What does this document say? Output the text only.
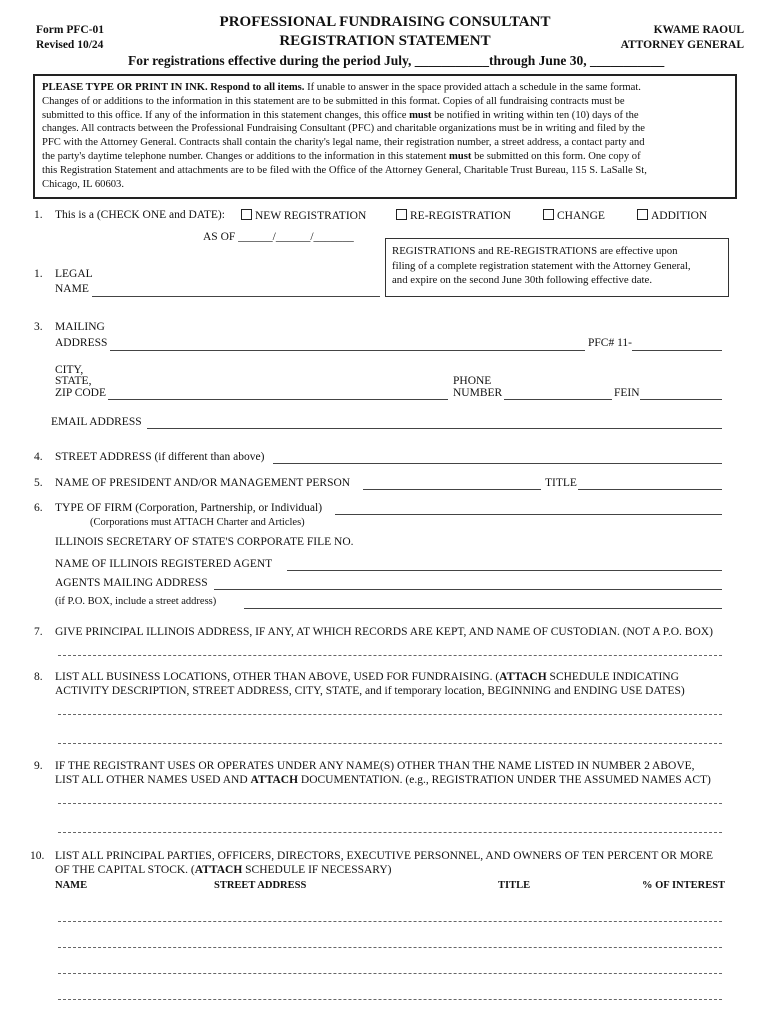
Form PFC-01
Revised 10/24
PROFESSIONAL FUNDRAISING CONSULTANT
REGISTRATION STATEMENT
For registrations effective during the period July, ___________through June 30, ___________
KWAME RAOUL
ATTORNEY GENERAL
PLEASE TYPE OR PRINT IN INK. Respond to all items. If unable to answer in the space provided attach a schedule in the same format.
Changes of or additions to the information in this statement are to be submitted in this format. Copies of all fundraising contracts must be
submitted to this office. If any of the information in this statement changes, this office must be notified in writing within ten (10) days of the
changes. All contracts between the Professional Fundraising Consultant (PFC) and charitable organizations must be in writing and filed by the
PFC with the Attorney General. Contracts shall contain the charity's legal name, their registration number, a street address, a contact party and
the party's daytime telephone number. Changes or additions to the information in this statement must be submitted on this form. One copy of
this Registration Statement and attachments are to be filed with the Office of the Attorney General, Charitable Trust Bureau, 115 S. LaSalle St,
Chicago, IL 60603.
1. This is a (CHECK ONE and DATE):	NEW REGISTRATION	RE-REGISTRATION	CHANGE	ADDITION
AS OF ______/______/_______
REGISTRATIONS and RE-REGISTRATIONS are effective upon
filing of a complete registration statement with the Attorney General,
and expire on the second June 30th following effective date.
1. LEGAL
NAME
3. MAILING
ADDRESS	PFC# 11-
CITY,
STATE,
ZIP CODE
PHONE
NUMBER	FEIN
EMAIL ADDRESS
4. STREET ADDRESS (if different than above)
5. NAME OF PRESIDENT AND/OR MANAGEMENT PERSON	TITLE
6. TYPE OF FIRM (Corporation, Partnership, or Individual)
(Corporations must ATTACH Charter and Articles)
ILLINOIS SECRETARY OF STATE'S CORPORATE FILE NO.
NAME OF ILLINOIS REGISTERED AGENT
AGENTS MAILING ADDRESS
(if P.O. BOX, include a street address)
7. GIVE PRINCIPAL ILLINOIS ADDRESS, IF ANY, AT WHICH RECORDS ARE KEPT, AND NAME OF CUSTODIAN. (NOT A P.O. BOX)
8. LIST ALL BUSINESS LOCATIONS, OTHER THAN ABOVE, USED FOR FUNDRAISING. (ATTACH SCHEDULE INDICATING
ACTIVITY DESCRIPTION, STREET ADDRESS, CITY, STATE, and if temporary location, BEGINNING and ENDING USE DATES)
9. IF THE REGISTRANT USES OR OPERATES UNDER ANY NAME(S) OTHER THAN THE NAME LISTED IN NUMBER 2 ABOVE,
LIST ALL OTHER NAMES USED AND ATTACH DOCUMENTATION. (e.g., REGISTRATION UNDER THE ASSUMED NAMES ACT)
10. LIST ALL PRINCIPAL PARTIES, OFFICERS, DIRECTORS, EXECUTIVE PERSONNEL, AND OWNERS OF TEN PERCENT OR MORE
OF THE CAPITAL STOCK. (ATTACH SCHEDULE IF NECESSARY)
NAME	STREET ADDRESS	TITLE	% OF INTEREST
